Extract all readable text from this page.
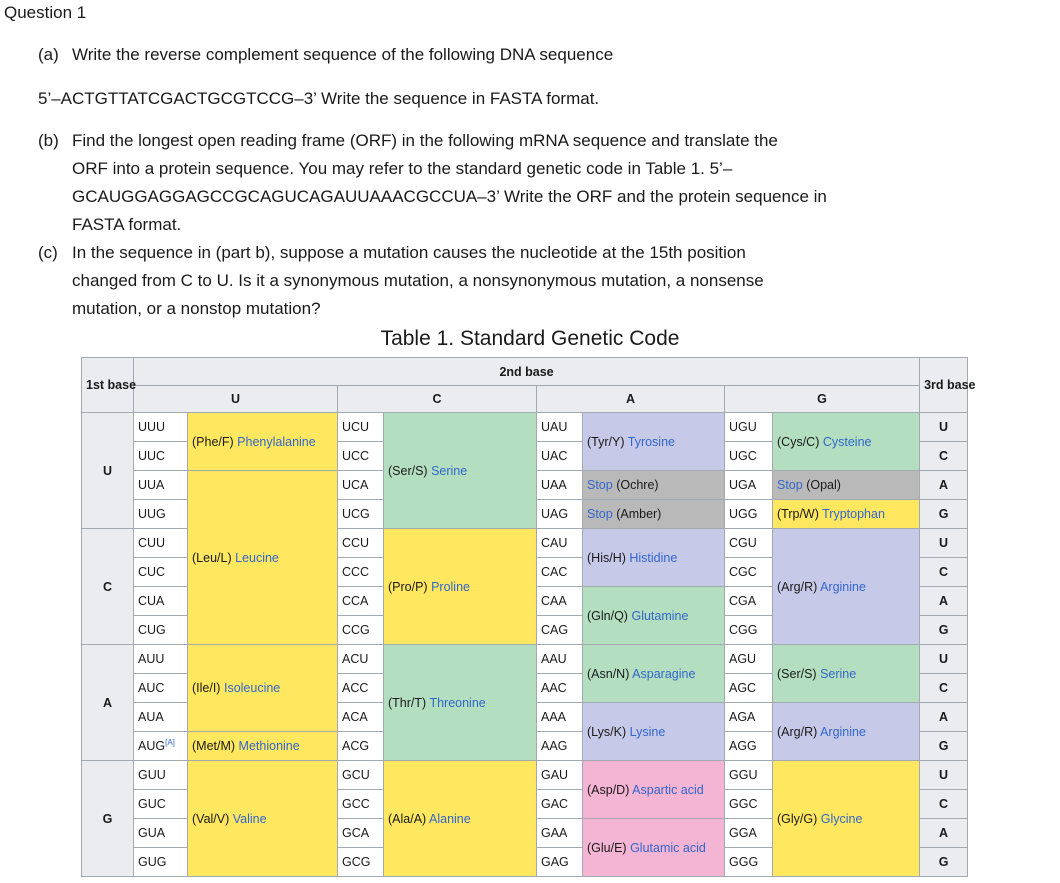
Question 1
(a) Write the reverse complement sequence of the following DNA sequence
5’–ACTGTTATCGACTGCGTCCG–3’ Write the sequence in FASTA format.
(b) Find the longest open reading frame (ORF) in the following mRNA sequence and translate the
ORF into a protein sequence. You may refer to the standard genetic code in Table 1. 5’–
GCAUGGAGGAGCCGCAGUCAGAUUAAACGCCUA–3’ Write the ORF and the protein sequence in
FASTA format.
(c) In the sequence in (part b), suppose a mutation causes the nucleotide at the 15th position
changed from C to U. Is it a synonymous mutation, a nonsynonymous mutation, a nonsense
mutation, or a nonstop mutation?
Table 1. Standard Genetic Code
1st base	2nd base								3rd base
	U		C		A		G		
U	UUU	(Phe/F) Phenylalanine	UCU	(Ser/S) Serine	UAU	(Tyr/Y) Tyrosine	UGU	(Cys/C) Cysteine	U
	UUC		UCC		UAC		UGC		C
	UUA	(Leu/L) Leucine	UCA		UAA	Stop (Ochre)	UGA	Stop (Opal)	A
	UUG		UCG		UAG	Stop (Amber)	UGG	(Trp/W) Tryptophan	G
C	CUU		CCU	(Pro/P) Proline	CAU	(His/H) Histidine	CGU	(Arg/R) Arginine	U
	CUC		CCC		CAC		CGC		C
	CUA		CCA		CAA	(Gln/Q) Glutamine	CGA		A
	CUG		CCG		CAG		CGG		G
A	AUU	(Ile/I) Isoleucine	ACU	(Thr/T) Threonine	AAU	(Asn/N) Asparagine	AGU	(Ser/S) Serine	U
	AUC		ACC		AAC		AGC		C
	AUA		ACA		AAA	(Lys/K) Lysine	AGA	(Arg/R) Arginine	A
	AUG[A]	(Met/M) Methionine	ACG		AAG		AGG		G
G	GUU	(Val/V) Valine	GCU	(Ala/A) Alanine	GAU	(Asp/D) Aspartic acid	GGU	(Gly/G) Glycine	U
	GUC		GCC		GAC		GGC		C
	GUA		GCA		GAA	(Glu/E) Glutamic acid	GGA		A
	GUG		GCG		GAG		GGG		G
